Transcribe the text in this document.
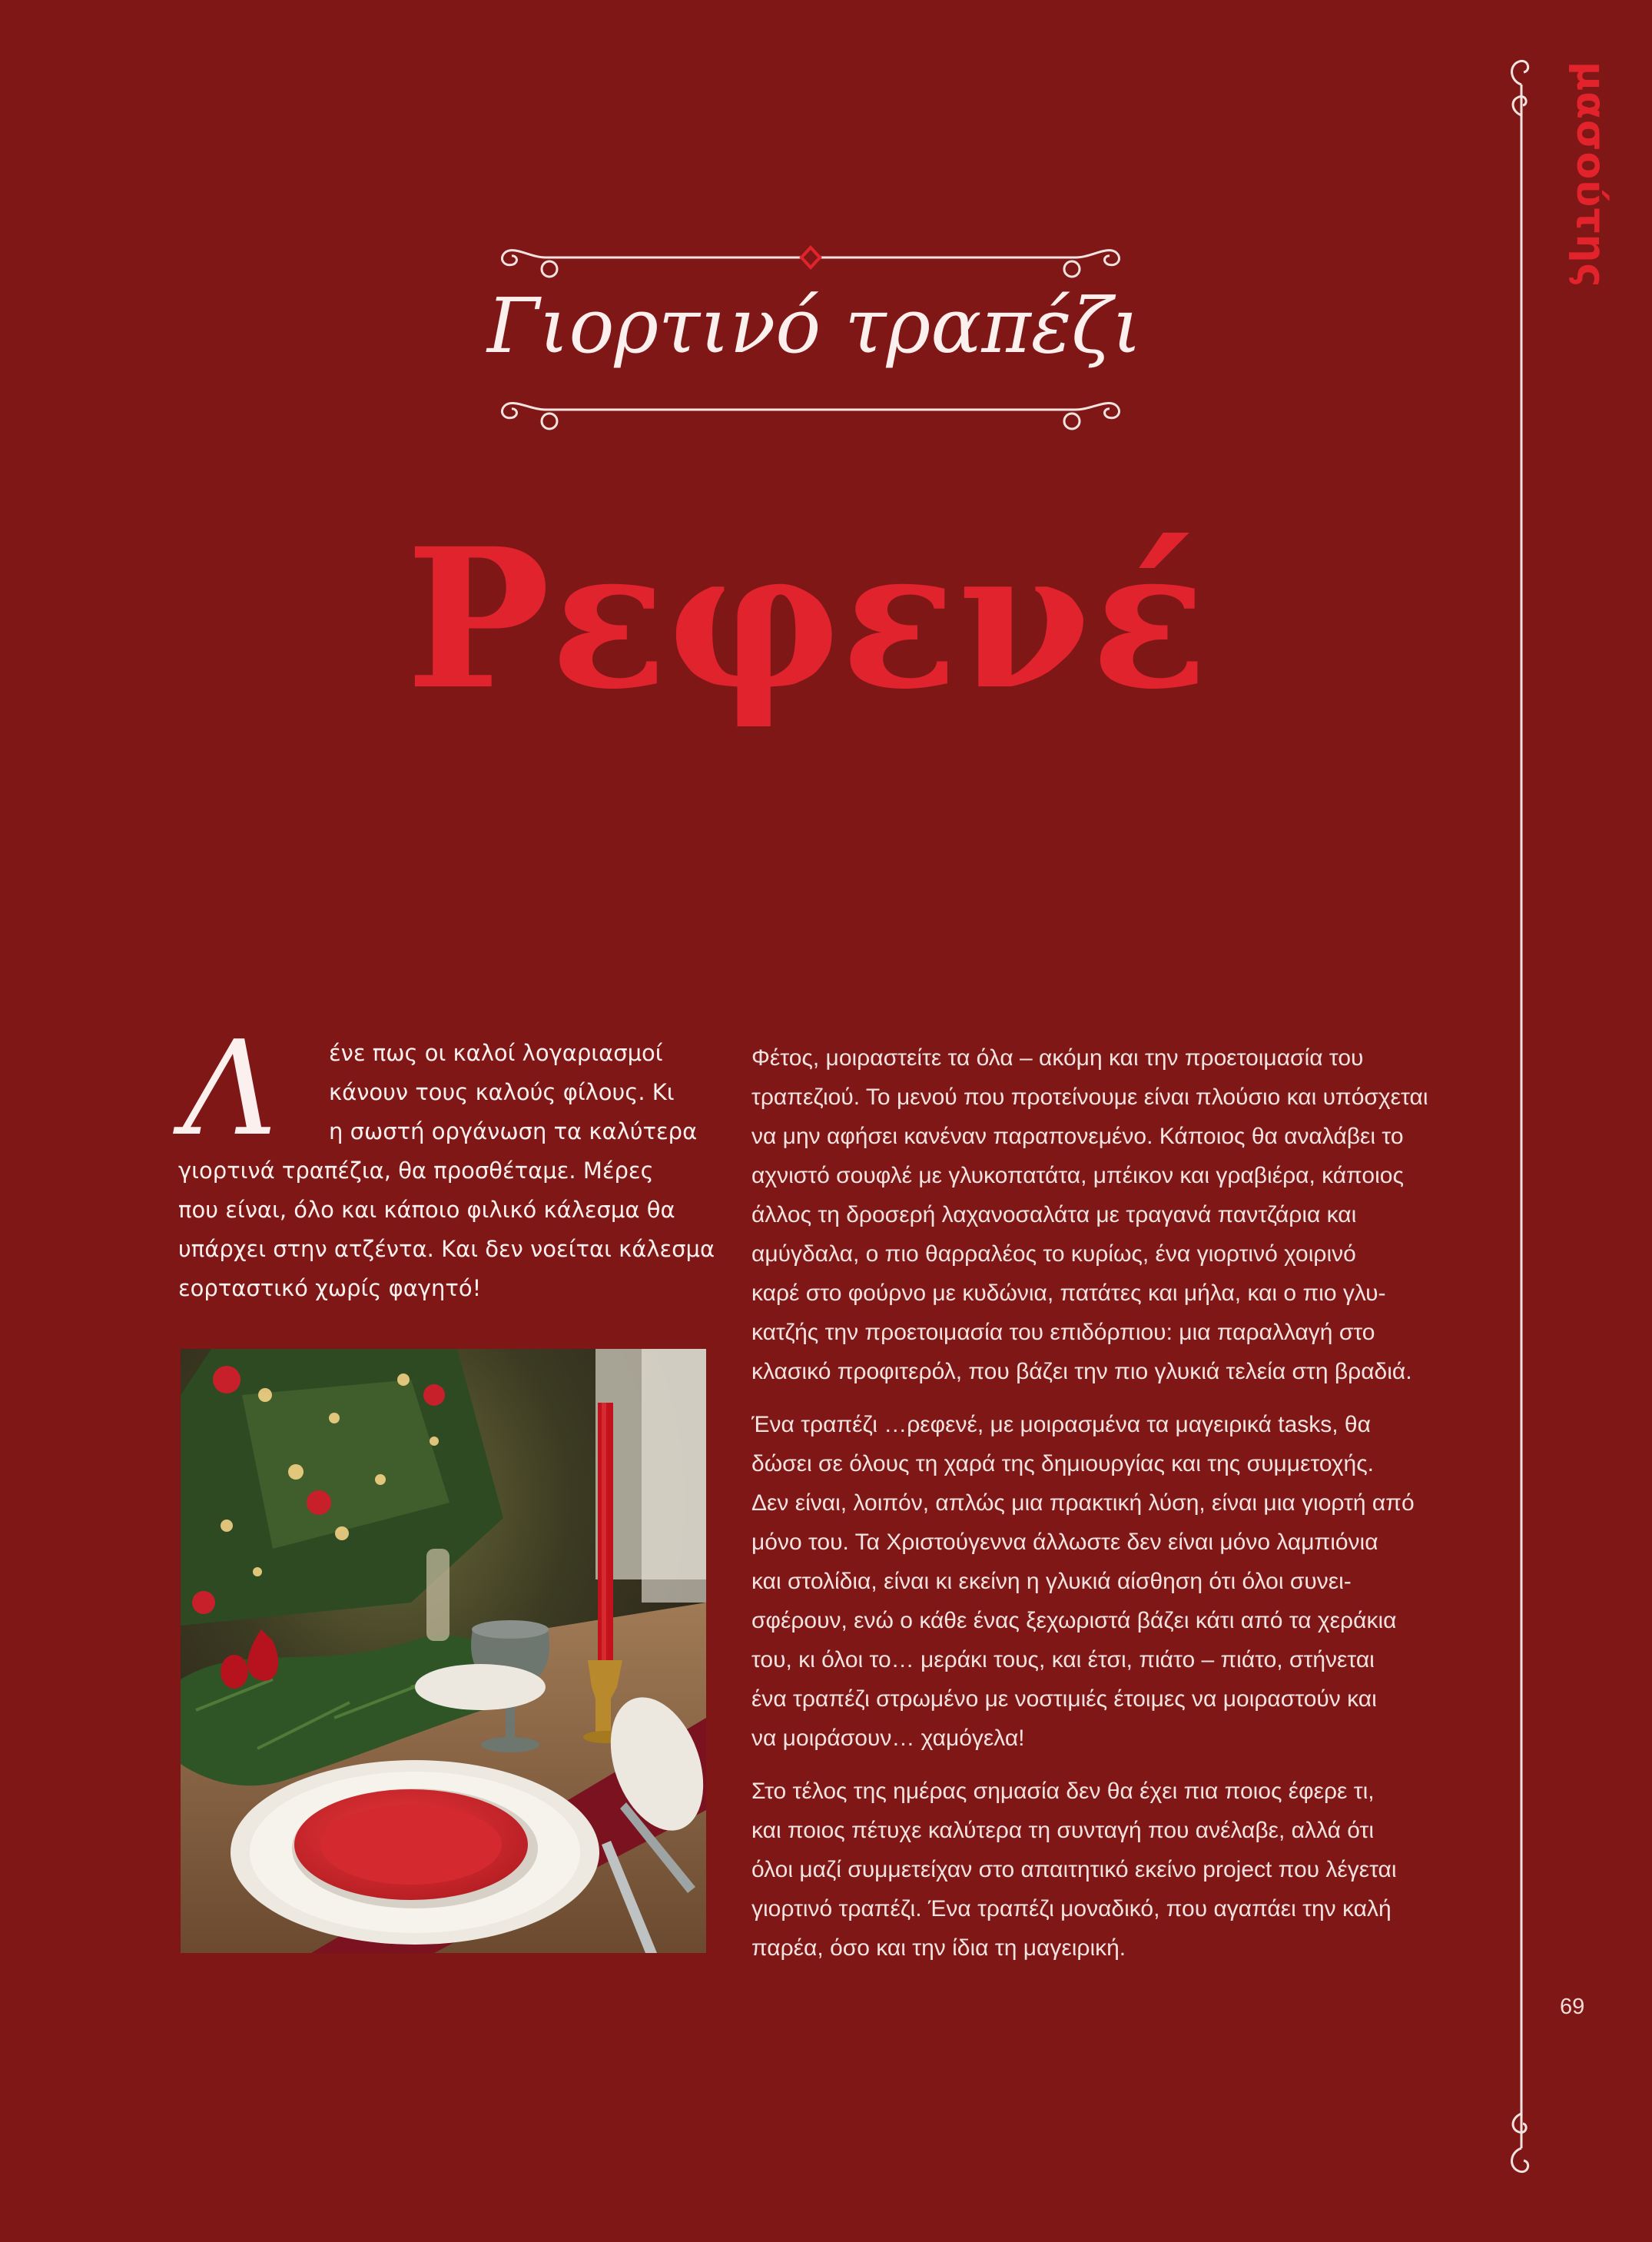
μασούτης
69
Γιορτινό τραπέζι
Ρεφενέ
Λ	ένε πως οι καλοί λογαριασμοί
κάνουν τους καλούς φίλους. Κι
η σωστή οργάνωση τα καλύτερα
γιορτινά τραπέζια, θα προσθέταμε. Μέρες
που είναι, όλο και κάποιο φιλικό κάλεσμα θα
υπάρχει στην ατζέντα. Και δεν νοείται κάλεσμα
εορταστικό χωρίς φαγητό!
Φέτος, μοιραστείτε τα όλα – ακόμη και την προετοιμασία του
τραπεζιού. Το μενού που προτείνουμε είναι πλούσιο και υπόσχεται
να μην αφήσει κανέναν παραπονεμένο. Κάποιος θα αναλάβει το
αχνιστό σουφλέ με γλυκοπατάτα, μπέικον και γραβιέρα, κάποιος
άλλος τη δροσερή λαχανοσαλάτα με τραγανά παντζάρια και
αμύγδαλα, ο πιο θαρραλέος το κυρίως, ένα γιορτινό χοιρινό
καρέ στο φούρνο με κυδώνια, πατάτες και μήλα, και ο πιο γλυ-
κατζής την προετοιμασία του επιδόρπιου: μια παραλλαγή στο
κλασικό προφιτερόλ, που βάζει την πιο γλυκιά τελεία στη βραδιά.
Ένα τραπέζι …ρεφενέ, με μοιρασμένα τα μαγειρικά tasks, θα
δώσει σε όλους τη χαρά της δημιουργίας και της συμμετοχής.
Δεν είναι, λοιπόν, απλώς μια πρακτική λύση, είναι μια γιορτή από
μόνο του. Τα Χριστούγεννα άλλωστε δεν είναι μόνο λαμπιόνια
και στολίδια, είναι κι εκείνη η γλυκιά αίσθηση ότι όλοι συνει-
σφέρουν, ενώ ο κάθε ένας ξεχωριστά βάζει κάτι από τα χεράκια
του, κι όλοι το… μεράκι τους, και έτσι, πιάτο – πιάτο, στήνεται
ένα τραπέζι στρωμένο με νοστιμιές έτοιμες να μοιραστούν και
να μοιράσουν… χαμόγελα!
Στο τέλος της ημέρας σημασία δεν θα έχει πια ποιος έφερε τι,
και ποιος πέτυχε καλύτερα τη συνταγή που ανέλαβε, αλλά ότι
όλοι μαζί συμμετείχαν στο απαιτητικό εκείνο project που λέγεται
γιορτινό τραπέζι. Ένα τραπέζι μοναδικό, που αγαπάει την καλή
παρέα, όσο και την ίδια τη μαγειρική.
